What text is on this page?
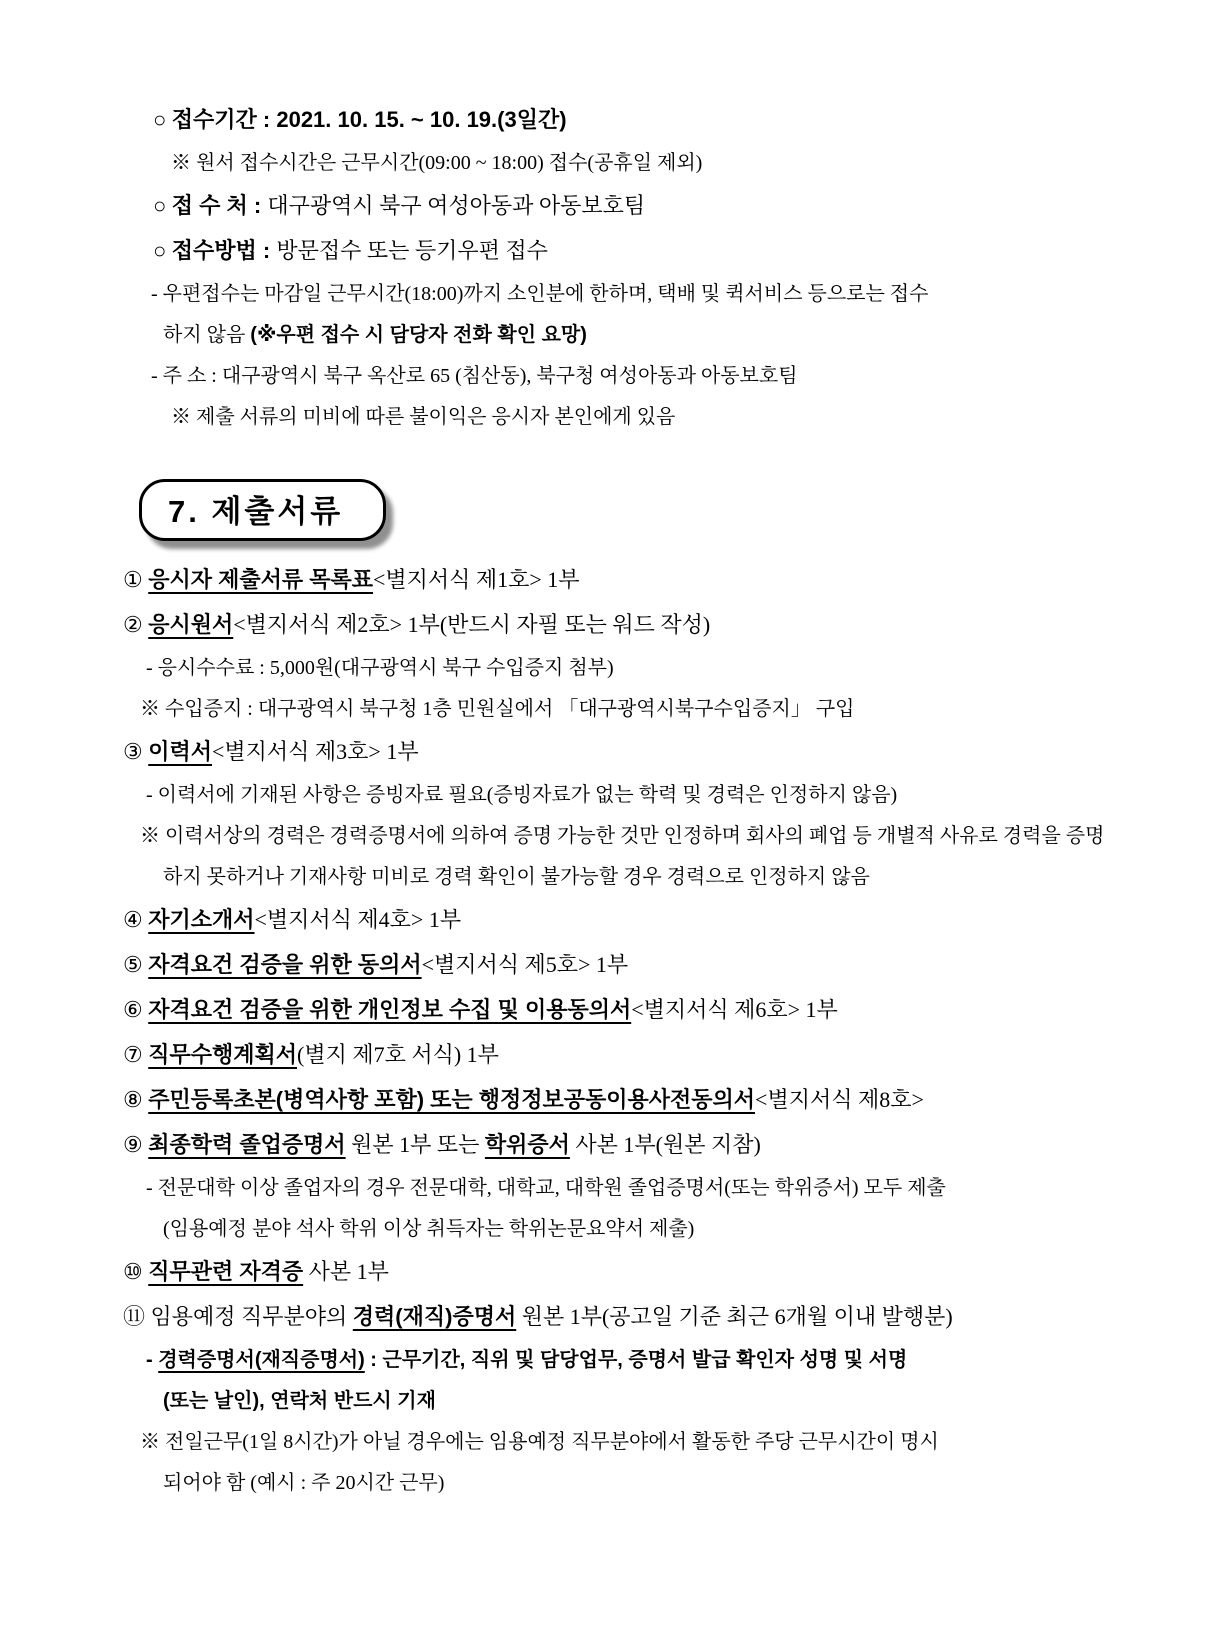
○ 접수기간 : 2021. 10. 15. ~ 10. 19.(3일간)
※ 원서 접수시간은 근무시간(09:00 ~ 18:00) 접수(공휴일 제외)
○ 접 수 처 : 대구광역시 북구 여성아동과 아동보호팀
○ 접수방법 : 방문접수 또는 등기우편 접수
- 우편접수는 마감일 근무시간(18:00)까지 소인분에 한하며, 택배 및 퀵서비스 등으로는 접수
하지 않음 (※우편 접수 시 담당자 전화 확인 요망)
- 주 소 : 대구광역시 북구 옥산로 65 (침산동), 북구청 여성아동과 아동보호팀
※ 제출 서류의 미비에 따른 불이익은 응시자 본인에게 있음
7. 제출서류
① 응시자 제출서류 목록표<별지서식 제1호> 1부
② 응시원서<별지서식 제2호> 1부(반드시 자필 또는 워드 작성)
- 응시수수료 : 5,000원(대구광역시 북구 수입증지 첨부)
※ 수입증지 : 대구광역시 북구청 1층 민원실에서 「대구광역시북구수입증지」 구입
③ 이력서<별지서식 제3호> 1부
- 이력서에 기재된 사항은 증빙자료 필요(증빙자료가 없는 학력 및 경력은 인정하지 않음)
※ 이력서상의 경력은 경력증명서에 의하여 증명 가능한 것만 인정하며 회사의 폐업 등 개별적 사유로 경력을 증명
하지 못하거나 기재사항 미비로 경력 확인이 불가능할 경우 경력으로 인정하지 않음
④ 자기소개서<별지서식 제4호> 1부
⑤ 자격요건 검증을 위한 동의서<별지서식 제5호> 1부
⑥ 자격요건 검증을 위한 개인정보 수집 및 이용동의서<별지서식 제6호> 1부
⑦ 직무수행계획서(별지 제7호 서식) 1부
⑧ 주민등록초본(병역사항 포함) 또는 행정정보공동이용사전동의서<별지서식 제8호>
⑨ 최종학력 졸업증명서 원본 1부 또는 학위증서 사본 1부(원본 지참)
- 전문대학 이상 졸업자의 경우 전문대학, 대학교, 대학원 졸업증명서(또는 학위증서) 모두 제출
(임용예정 분야 석사 학위 이상 취득자는 학위논문요약서 제출)
⑩ 직무관련 자격증 사본 1부
⑪ 임용예정 직무분야의 경력(재직)증명서 원본 1부(공고일 기준 최근 6개월 이내 발행분)
- 경력증명서(재직증명서) : 근무기간, 직위 및 담당업무, 증명서 발급 확인자 성명 및 서명
(또는 날인), 연락처 반드시 기재
※ 전일근무(1일 8시간)가 아닐 경우에는 임용예정 직무분야에서 활동한 주당 근무시간이 명시
되어야 함 (예시 : 주 20시간 근무)
